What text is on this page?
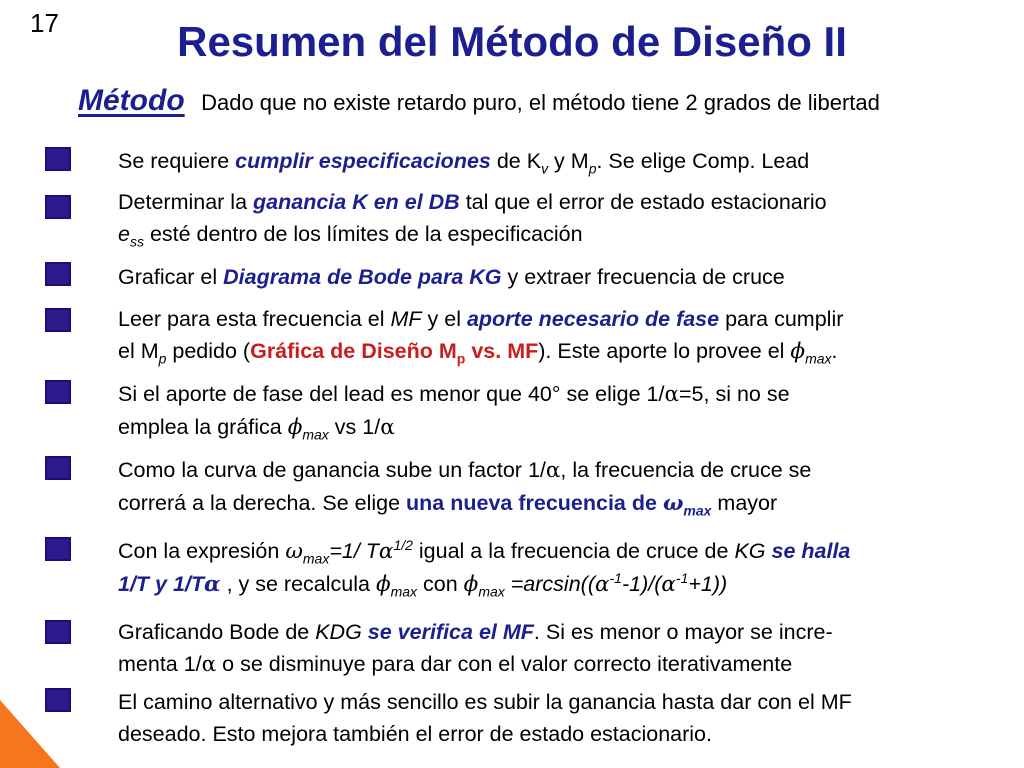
17	Resumen del Método de Diseño II
Método Dado que no existe retardo puro, el método tiene 2 grados de libertad
Se requiere cumplir especificaciones de $K_v$ y $M_p$. Se elige Comp. Lead
Determinar la ganancia K en el DB tal que el error de estado estacionario
$e_{ss}$ esté dentro de los límites de la especificación
Graficar el Diagrama de Bode para KG y extraer frecuencia de cruce
Leer para esta frecuencia el MF y el aporte necesario de fase para cumplir
el $M_p$ pedido (Gráfica de Diseño $M_p$ vs. MF). Este aporte lo provee el $\phi_{max}$.
Si el aporte de fase del lead es menor que 40° se elige 1/α=5, si no se
emplea la gráfica $\phi_{max}$ vs 1/α
Como la curva de ganancia sube un factor 1/α, la frecuencia de cruce se
correrá a la derecha. Se elige una nueva frecuencia de $\omega_{max}$ mayor
Con la expresión $\omega_{max}=1/$ $T\alpha^{1/2}$ igual a la frecuencia de cruce de KG se halla
1/T y 1/Tα , y se recalcula $\phi_{max}$ con $\phi_{max} =\arcsin((\alpha^{-1}-1)/(\alpha^{-1}+1))$
Graficando Bode de KDG se verifica el MF. Si es menor o mayor se incre-
menta 1/α o se disminuye para dar con el valor correcto iterativamente
El camino alternativo y más sencillo es subir la ganancia hasta dar con el MF
deseado. Esto mejora también el error de estado estacionario.
